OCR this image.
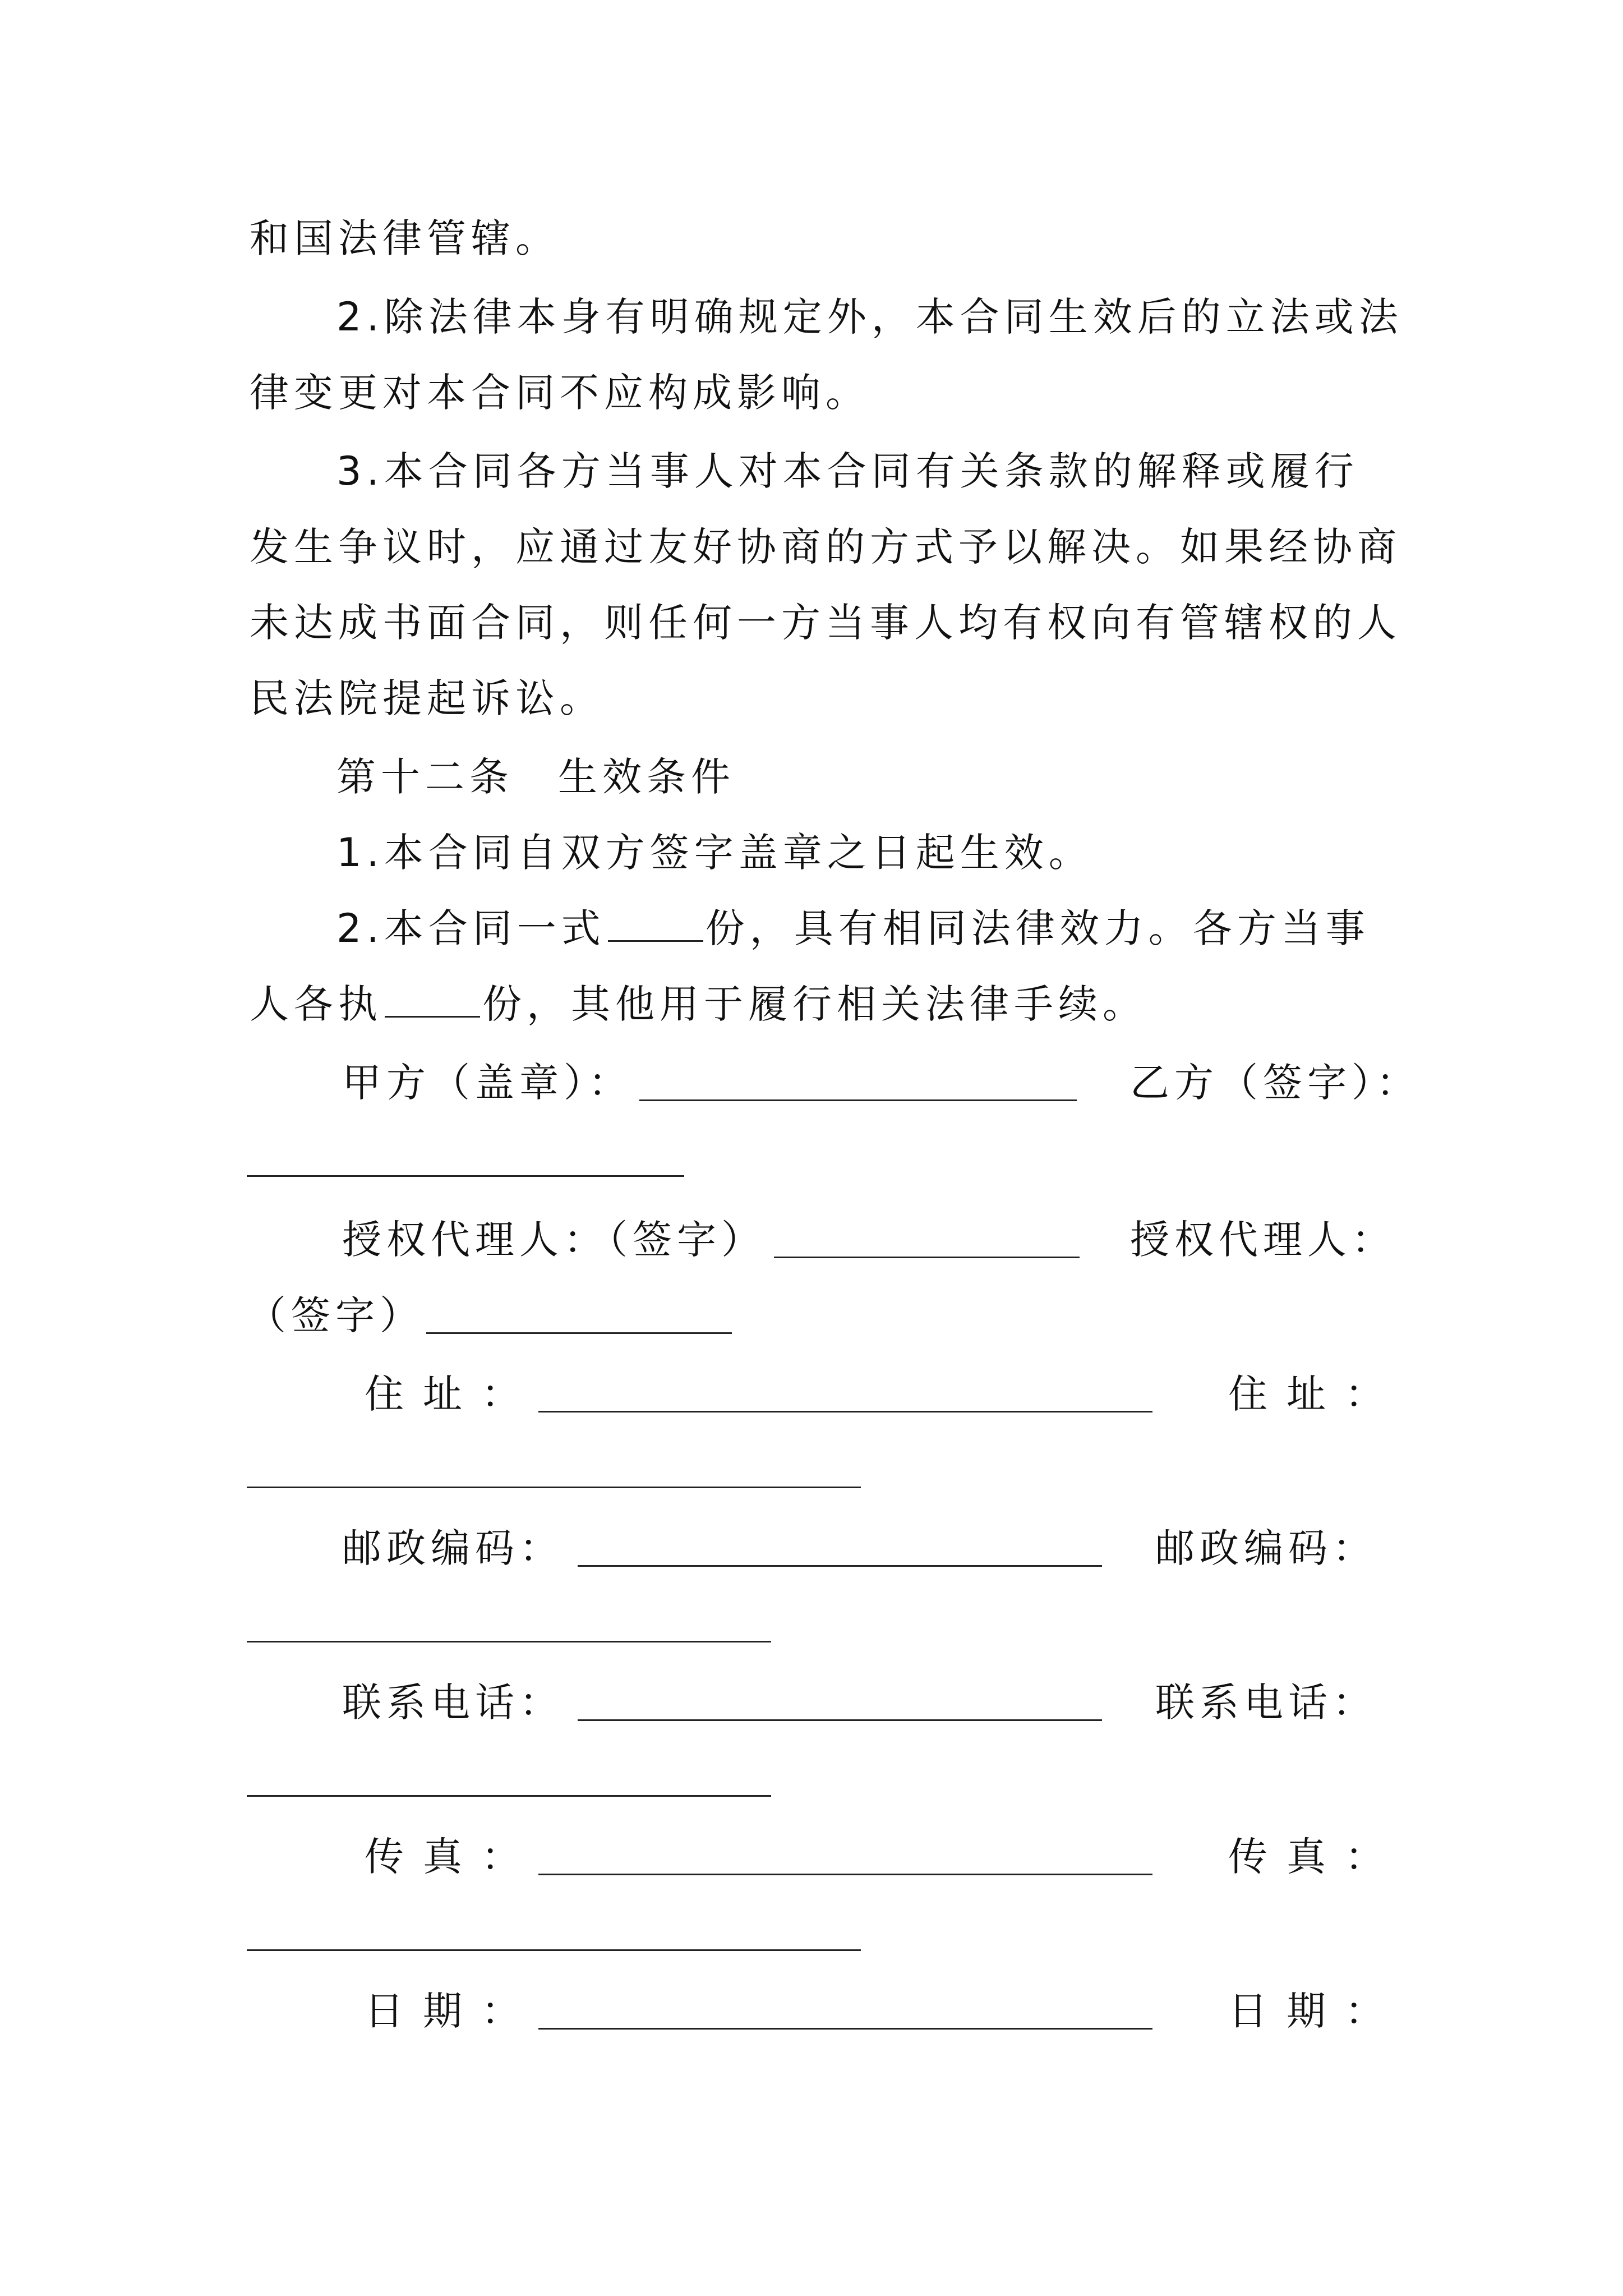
和国法律管辖。
2.除法律本身有明确规定外，本合同生效后的立法或法
律变更对本合同不应构成影响。
3.本合同各方当事人对本合同有关条款的解释或履行
发生争议时，应通过友好协商的方式予以解决。如果经协商
未达成书面合同，则任何一方当事人均有权向有管辖权的人
民法院提起诉讼。
第十二条　生效条件
1.本合同自双方签字盖章之日起生效。
2.本合同一式	份，具有相同法律效力。各方当事
人各执	份，其他用于履行相关法律手续。
甲方（盖章）：	乙方（签字）：
授权代理人：（签字）	授权代理人：
（签字）
住址：	住址：
邮政编码：	邮政编码：
联系电话：	联系电话：
传真：	传真：
日期：	日期：
